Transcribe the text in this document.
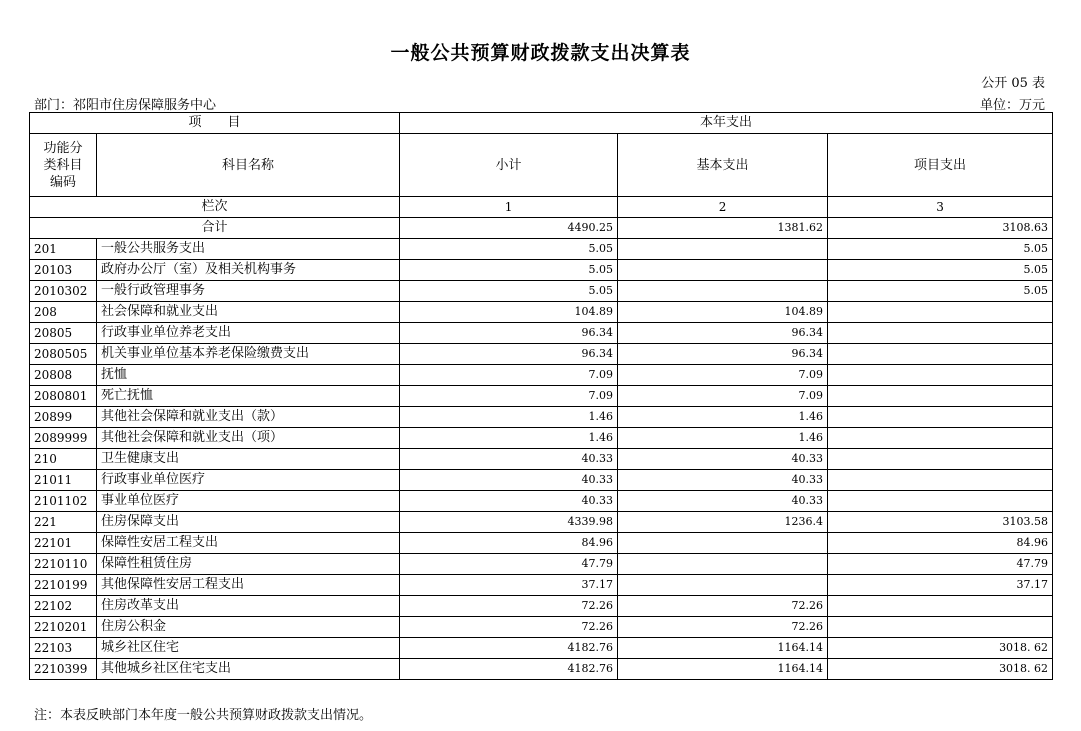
一般公共预算财政拨款支出决算表
公开 05 表
部门：祁阳市住房保障服务中心	单位：万元
项　　目		本年支出		
功能分类科目编码	科目名称	小计	基本支出	项目支出
栏次		1	2	3
合计		4490.25	1381.62	3108.63
201	一般公共服务支出	5.05		5.05
20103	政府办公厅（室）及相关机构事务	5.05		5.05
2010302	一般行政管理事务	5.05		5.05
208	社会保障和就业支出	104.89	104.89	
20805	行政事业单位养老支出	96.34	96.34	
2080505	机关事业单位基本养老保险缴费支出	96.34	96.34	
20808	抚恤	7.09	7.09	
2080801	死亡抚恤	7.09	7.09	
20899	其他社会保障和就业支出（款）	1.46	1.46	
2089999	其他社会保障和就业支出（项）	1.46	1.46	
210	卫生健康支出	40.33	40.33	
21011	行政事业单位医疗	40.33	40.33	
2101102	事业单位医疗	40.33	40.33	
221	住房保障支出	4339.98	1236.4	3103.58
22101	保障性安居工程支出	84.96		84.96
2210110	保障性租赁住房	47.79		47.79
2210199	其他保障性安居工程支出	37.17		37.17
22102	住房改革支出	72.26	72.26	
2210201	住房公积金	72.26	72.26	
22103	城乡社区住宅	4182.76	1164.14	3018. 62
2210399	其他城乡社区住宅支出	4182.76	1164.14	3018. 62
注：本表反映部门本年度一般公共预算财政拨款支出情况。
